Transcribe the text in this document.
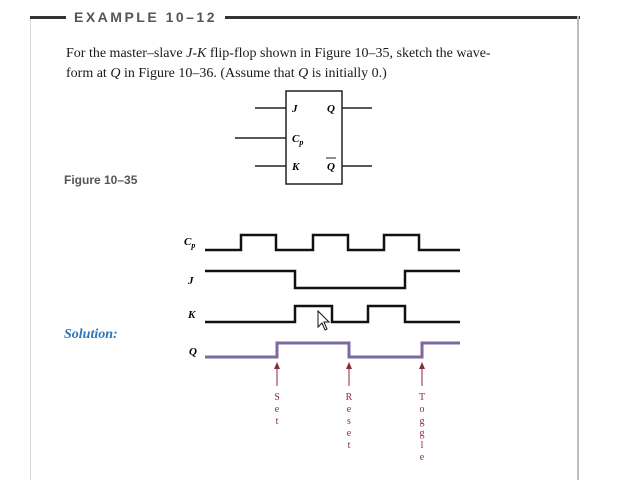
EXAMPLE 10–12
For the master–slave J-K flip-flop shown in Figure 10–35, sketch the wave-
form at Q in Figure 10–36. (Assume that Q is initially 0.)
Figure 10–35
Solution:
J
$C_p$
K
Q
Q
$C_p$
J
K
Q
S
e
t
R
e
s
e
t
T
o
g
g
l
e
